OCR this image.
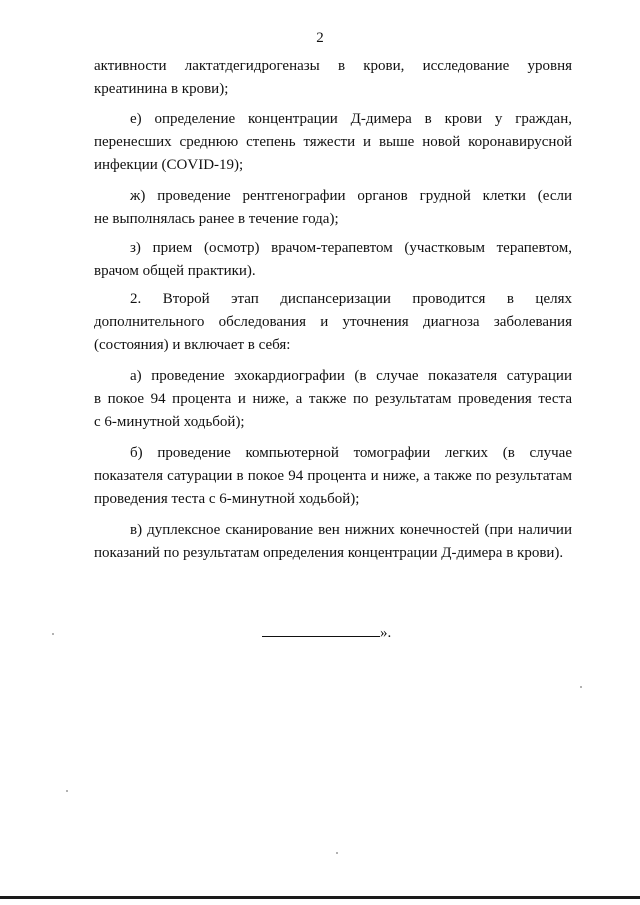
2
активности лактатдегидрогеназы в крови, исследование уровня
креатинина в крови);
е) определение концентрации Д-димера в крови у граждан,
перенесших среднюю степень тяжести и выше новой коронавирусной
инфекции (COVID-19);
ж) проведение рентгенографии органов грудной клетки (если
не выполнялась ранее в течение года);
з) прием (осмотр) врачом-терапевтом (участковым терапевтом,
врачом общей практики).
2. Второй этап диспансеризации проводится в целях
дополнительного обследования и уточнения диагноза заболевания
(состояния) и включает в себя:
а) проведение эхокардиографии (в случае показателя сатурации
в покое 94 процента и ниже, а также по результатам проведения теста
с 6-минутной ходьбой);
б) проведение компьютерной томографии легких (в случае
показателя сатурации в покое 94 процента и ниже, а также по результатам
проведения теста с 6-минутной ходьбой);
в) дуплексное сканирование вен нижних конечностей (при наличии
показаний по результатам определения концентрации Д-димера в крови).
».
